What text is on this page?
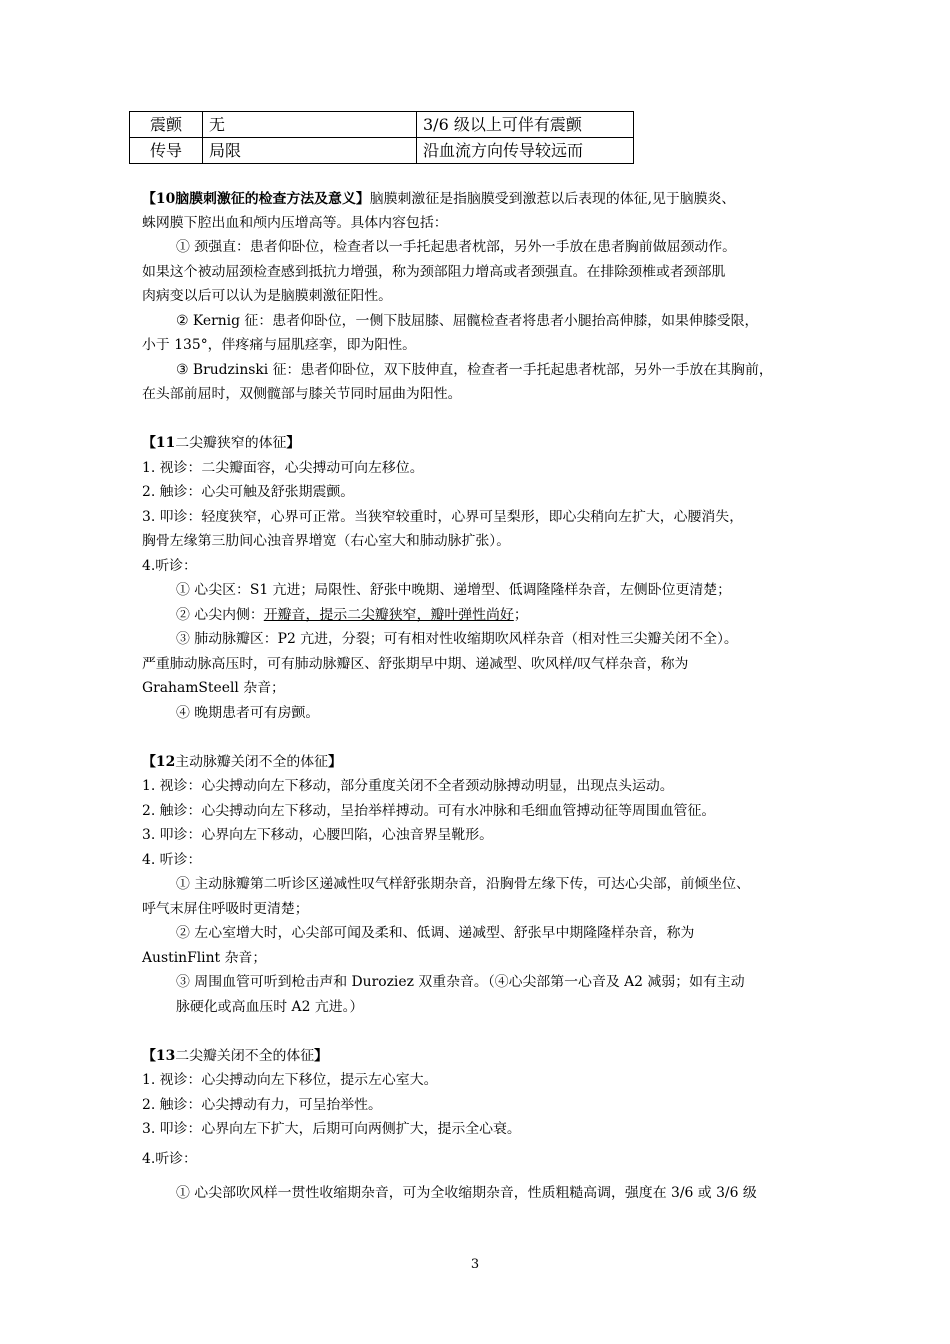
震颤	无	3/6 级以上可伴有震颤
传导	局限	沿血流方向传导较远而
【10脑膜刺激征的检查方法及意义】脑膜刺激征是指脑膜受到激惹以后表现的体征,见于脑膜炎、
蛛网膜下腔出血和颅内压增高等。具体内容包括：
① 颈强直：患者仰卧位，检查者以一手托起患者枕部，另外一手放在患者胸前做屈颈动作。
如果这个被动屈颈检查感到抵抗力增强，称为颈部阻力增高或者颈强直。在排除颈椎或者颈部肌
肉病变以后可以认为是脑膜刺激征阳性。
② Kernig 征：患者仰卧位，一侧下肢屈膝、屈髋检查者将患者小腿抬高伸膝，如果伸膝受限，
小于 135°，伴疼痛与屈肌痉挛，即为阳性。
③ Brudzinski 征：患者仰卧位，双下肢伸直，检查者一手托起患者枕部，另外一手放在其胸前，
在头部前屈时，双侧髋部与膝关节同时屈曲为阳性。
【11二尖瓣狭窄的体征】
1. 视诊：二尖瓣面容，心尖搏动可向左移位。
2. 触诊：心尖可触及舒张期震颤。
3. 叩诊：轻度狭窄，心界可正常。当狭窄较重时，心界可呈梨形，即心尖稍向左扩大，心腰消失，
胸骨左缘第三肋间心浊音界增宽（右心室大和肺动脉扩张）。
4.听诊：
① 心尖区：S1 亢进；局限性、舒张中晚期、递增型、低调隆隆样杂音，左侧卧位更清楚；
② 心尖内侧：开瓣音，提示二尖瓣狭窄，瓣叶弹性尚好；
③ 肺动脉瓣区：P2 亢进，分裂；可有相对性收缩期吹风样杂音（相对性三尖瓣关闭不全）。
严重肺动脉高压时，可有肺动脉瓣区、舒张期早中期、递减型、吹风样/叹气样杂音，称为
GrahamSteell 杂音；
④ 晚期患者可有房颤。
【12主动脉瓣关闭不全的体征】
1. 视诊：心尖搏动向左下移动，部分重度关闭不全者颈动脉搏动明显，出现点头运动。
2. 触诊：心尖搏动向左下移动，呈抬举样搏动。可有水冲脉和毛细血管搏动征等周围血管征。
3. 叩诊：心界向左下移动，心腰凹陷，心浊音界呈靴形。
4. 听诊：
① 主动脉瓣第二听诊区递减性叹气样舒张期杂音，沿胸骨左缘下传，可达心尖部，前倾坐位、
呼气末屏住呼吸时更清楚；
② 左心室增大时，心尖部可闻及柔和、低调、递减型、舒张早中期隆隆样杂音，称为
AustinFlint 杂音；
③ 周围血管可听到枪击声和 Duroziez 双重杂音。（④心尖部第一心音及 A2 减弱；如有主动
脉硬化或高血压时 A2 亢进。）
【13二尖瓣关闭不全的体征】
1. 视诊：心尖搏动向左下移位，提示左心室大。
2. 触诊：心尖搏动有力，可呈抬举性。
3. 叩诊：心界向左下扩大，后期可向两侧扩大，提示全心衰。
4.听诊：
① 心尖部吹风样一贯性收缩期杂音，可为全收缩期杂音，性质粗糙高调，强度在 3/6 或 3/6 级
3
